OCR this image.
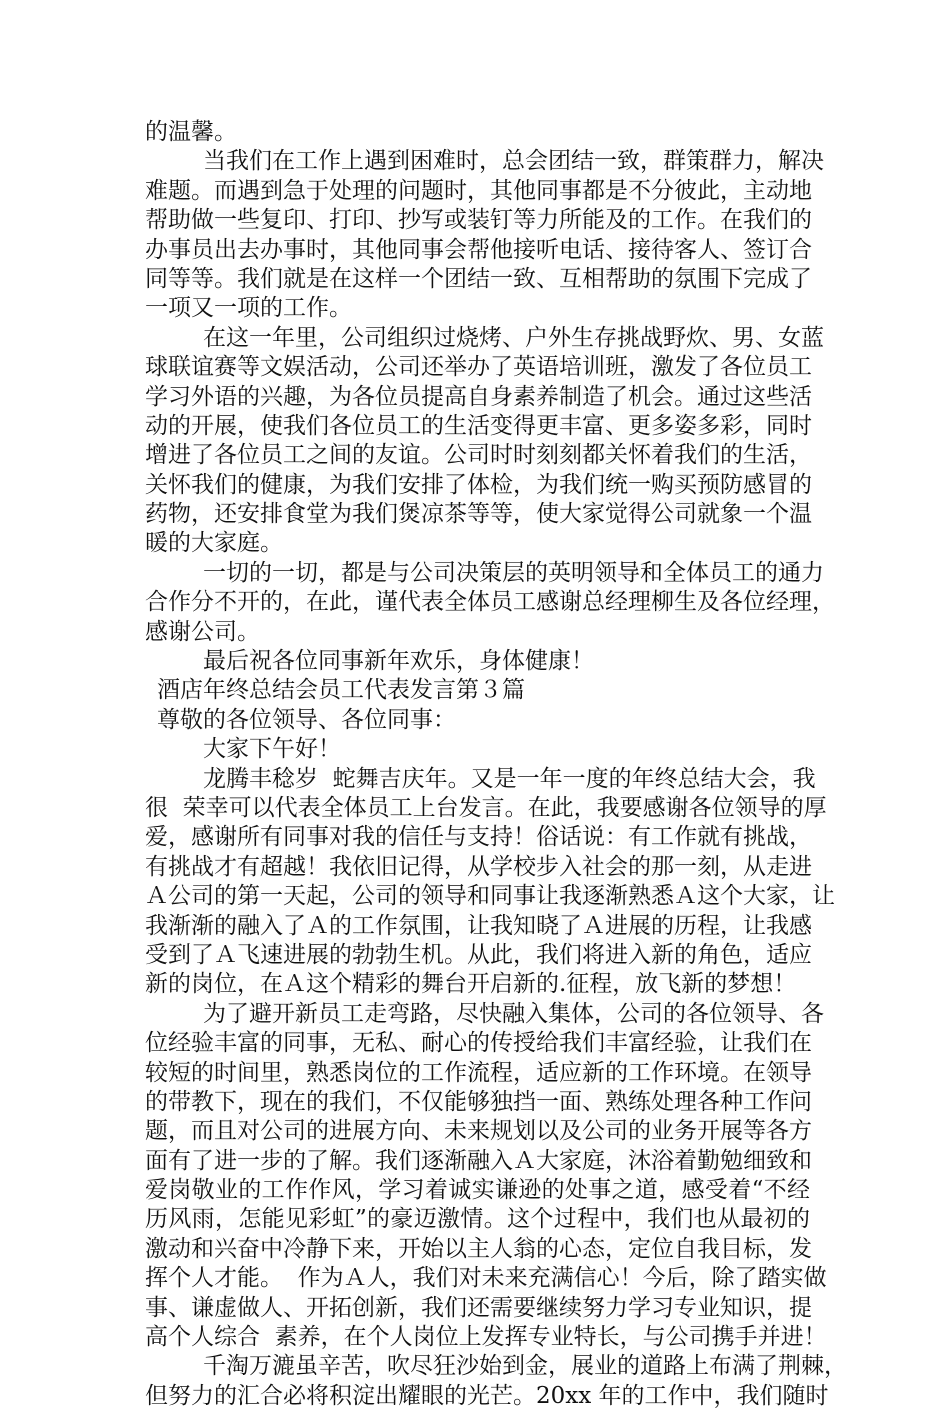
的温馨。
当我们在工作上遇到困难时，总会团结一致，群策群力，解决
难题。而遇到急于处理的问题时，其他同事都是不分彼此，主动地
帮助做一些复印、打印、抄写或装钉等力所能及的工作。在我们的
办事员出去办事时，其他同事会帮他接听电话、接待客人、签订合
同等等。我们就是在这样一个团结一致、互相帮助的氛围下完成了
一项又一项的工作。
在这一年里，公司组织过烧烤、户外生存挑战野炊、男、女蓝
球联谊赛等文娱活动，公司还举办了英语培训班，激发了各位员工
学习外语的兴趣，为各位员提高自身素养制造了机会。通过这些活
动的开展，使我们各位员工的生活变得更丰富、更多姿多彩，同时
增进了各位员工之间的友谊。公司时时刻刻都关怀着我们的生活，
关怀我们的健康，为我们安排了体检，为我们统一购买预防感冒的
药物，还安排食堂为我们煲凉茶等等，使大家觉得公司就象一个温
暖的大家庭。
一切的一切，都是与公司决策层的英明领导和全体员工的通力
合作分不开的，在此，谨代表全体员工感谢总经理柳生及各位经理，
感谢公司。
最后祝各位同事新年欢乐，身体健康！
酒店年终总结会员工代表发言第３篇
尊敬的各位领导、各位同事：
大家下午好！
龙腾丰稔岁  蛇舞吉庆年。又是一年一度的年终总结大会，我
很  荣幸可以代表全体员工上台发言。在此，我要感谢各位领导的厚
爱，感谢所有同事对我的信任与支持！俗话说：有工作就有挑战，
有挑战才有超越！我依旧记得，从学校步入社会的那一刻，从走进
Ａ公司的第一天起，公司的领导和同事让我逐渐熟悉Ａ这个大家，让
我渐渐的融入了Ａ的工作氛围，让我知晓了Ａ进展的历程，让我感
受到了Ａ飞速进展的勃勃生机。从此，我们将进入新的角色，适应
新的岗位，在Ａ这个精彩的舞台开启新的.征程，放飞新的梦想！
为了避开新员工走弯路，尽快融入集体，公司的各位领导、各
位经验丰富的同事，无私、耐心的传授给我们丰富经验，让我们在
较短的时间里，熟悉岗位的工作流程，适应新的工作环境。在领导
的带教下，现在的我们，不仅能够独挡一面、熟练处理各种工作问
题，而且对公司的进展方向、未来规划以及公司的业务开展等各方
面有了进一步的了解。我们逐渐融入Ａ大家庭，沐浴着勤勉细致和
爱岗敬业的工作作风，学习着诚实谦逊的处事之道，感受着“不经
历风雨，怎能见彩虹”的豪迈激情。这个过程中，我们也从最初的
激动和兴奋中冷静下来，开始以主人翁的心态，定位自我目标，发
挥个人才能。  作为Ａ人，我们对未来充满信心！今后，除了踏实做
事、谦虚做人、开拓创新，我们还需要继续努力学习专业知识，提
高个人综合  素养，在个人岗位上发挥专业特长，与公司携手并进！
千淘万漉虽辛苦，吹尽狂沙始到金，展业的道路上布满了荆棘，
但努力的汇合必将积淀出耀眼的光芒。20xx 年的工作中，我们随时
